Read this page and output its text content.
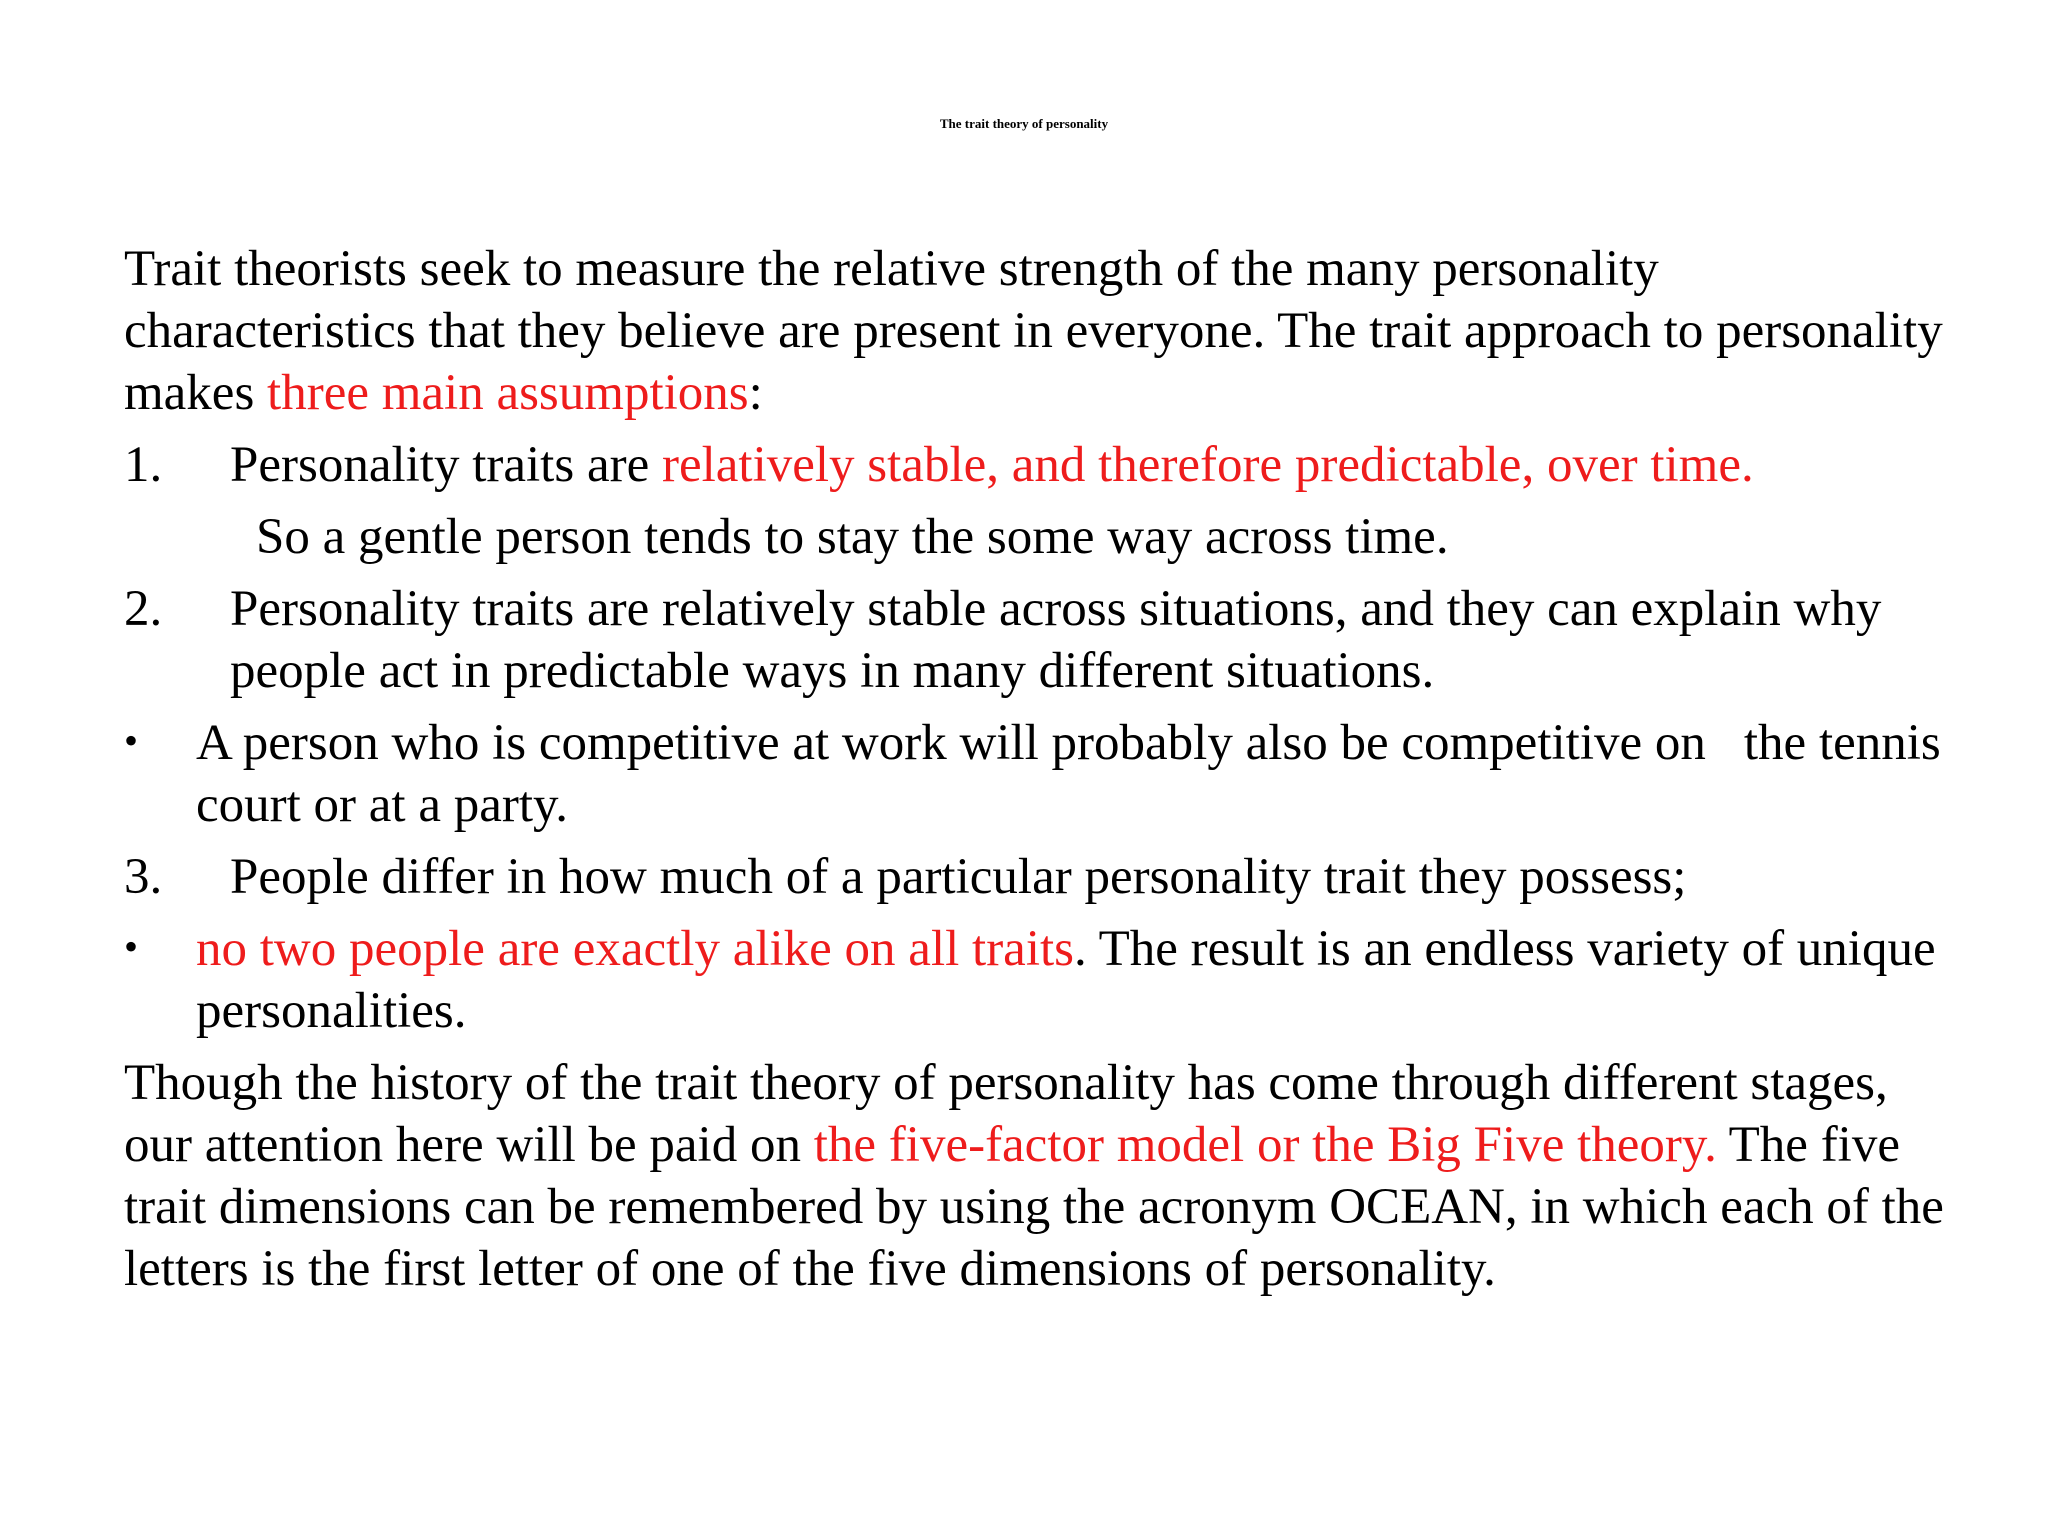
The trait theory of personality

Trait theorists seek to measure the relative strength of the many personality characteristics that they believe are present in everyone. The trait approach to personality makes three main assumptions:

1. Personality traits are relatively stable, and therefore predictable, over time.
So a gentle person tends to stay the some way across time.
2. Personality traits are relatively stable across situations, and they can explain why people act in predictable ways in many different situations.
• A person who is competitive at work will probably also be competitive on the tennis court or at a party.
3. People differ in how much of a particular personality trait they possess;
• no two people are exactly alike on all traits. The result is an endless variety of unique personalities.

Though the history of the trait theory of personality has come through different stages, our attention here will be paid on the five-factor model or the Big Five theory. The five trait dimensions can be remembered by using the acronym OCEAN, in which each of the letters is the first letter of one of the five dimensions of personality.
